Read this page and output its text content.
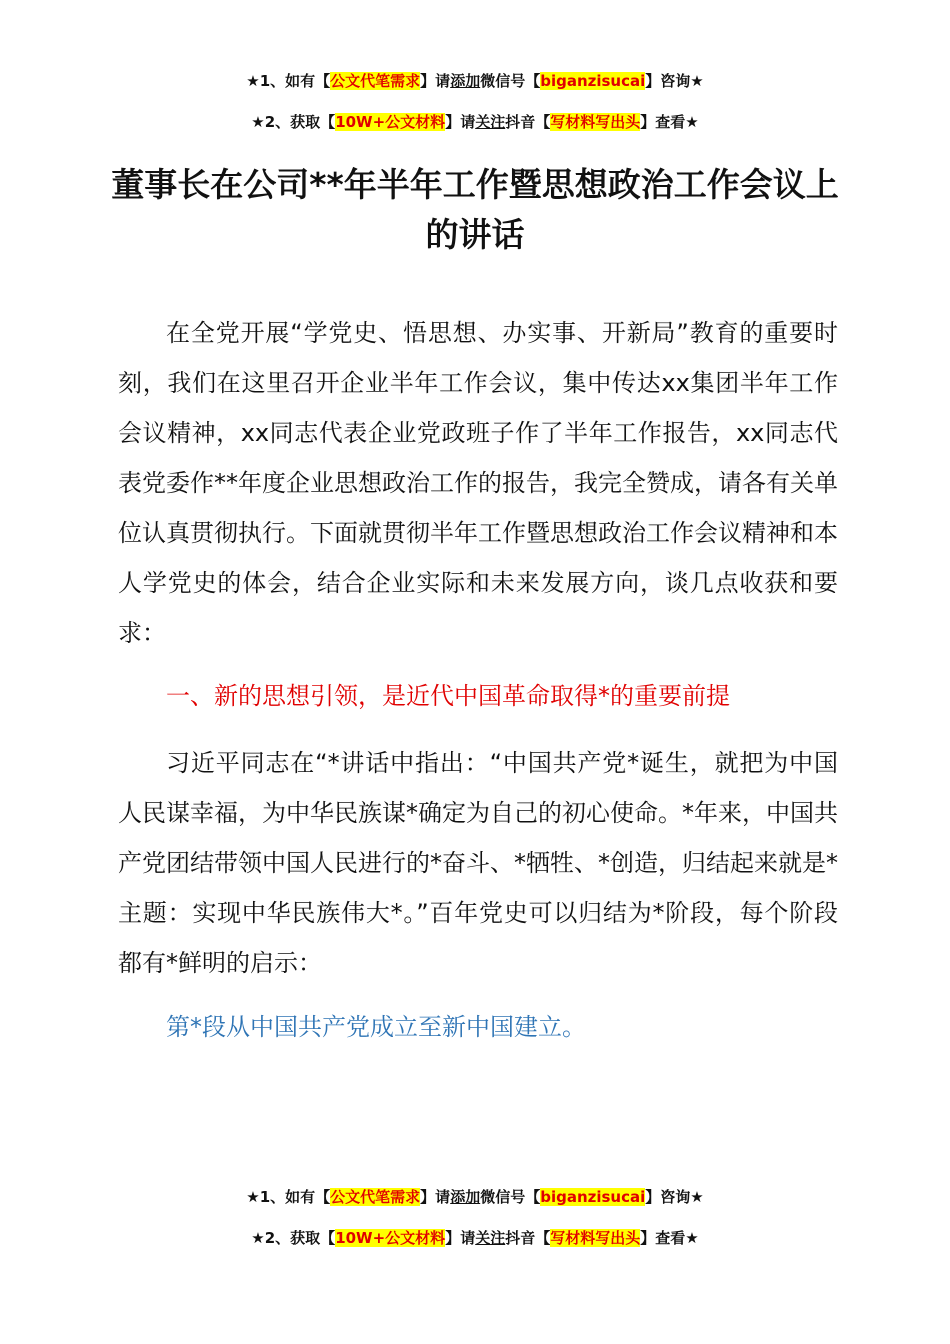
★1、如有【公文代笔需求】请添加微信号【biganzisucai】咨询★
★2、获取【10W+公文材料】请关注抖音【写材料写出头】查看★
董事长在公司**年半年工作暨思想政治工作会议上的讲话

在全党开展“学党史、悟思想、办实事、开新局”教育的重要时刻，我们在这里召开企业半年工作会议，集中传达xx集团半年工作会议精神，xx同志代表企业党政班子作了半年工作报告，xx同志代表党委作**年度企业思想政治工作的报告，我完全赞成，请各有关单位认真贯彻执行。下面就贯彻半年工作暨思想政治工作会议精神和本人学党史的体会，结合企业实际和未来发展方向，谈几点收获和要求：

一、新的思想引领，是近代中国革命取得*的重要前提

习近平同志在“*讲话中指出：“中国共产党*诞生，就把为中国人民谋幸福，为中华民族谋*确定为自己的初心使命。*年来，中国共产党团结带领中国人民进行的*奋斗、*牺牲、*创造，归结起来就是*主题：实现中华民族伟大*。”百年党史可以归结为*阶段，每个阶段都有*鲜明的启示：

第*段从中国共产党成立至新中国建立。

★1、如有【公文代笔需求】请添加微信号【biganzisucai】咨询★
★2、获取【10W+公文材料】请关注抖音【写材料写出头】查看★
